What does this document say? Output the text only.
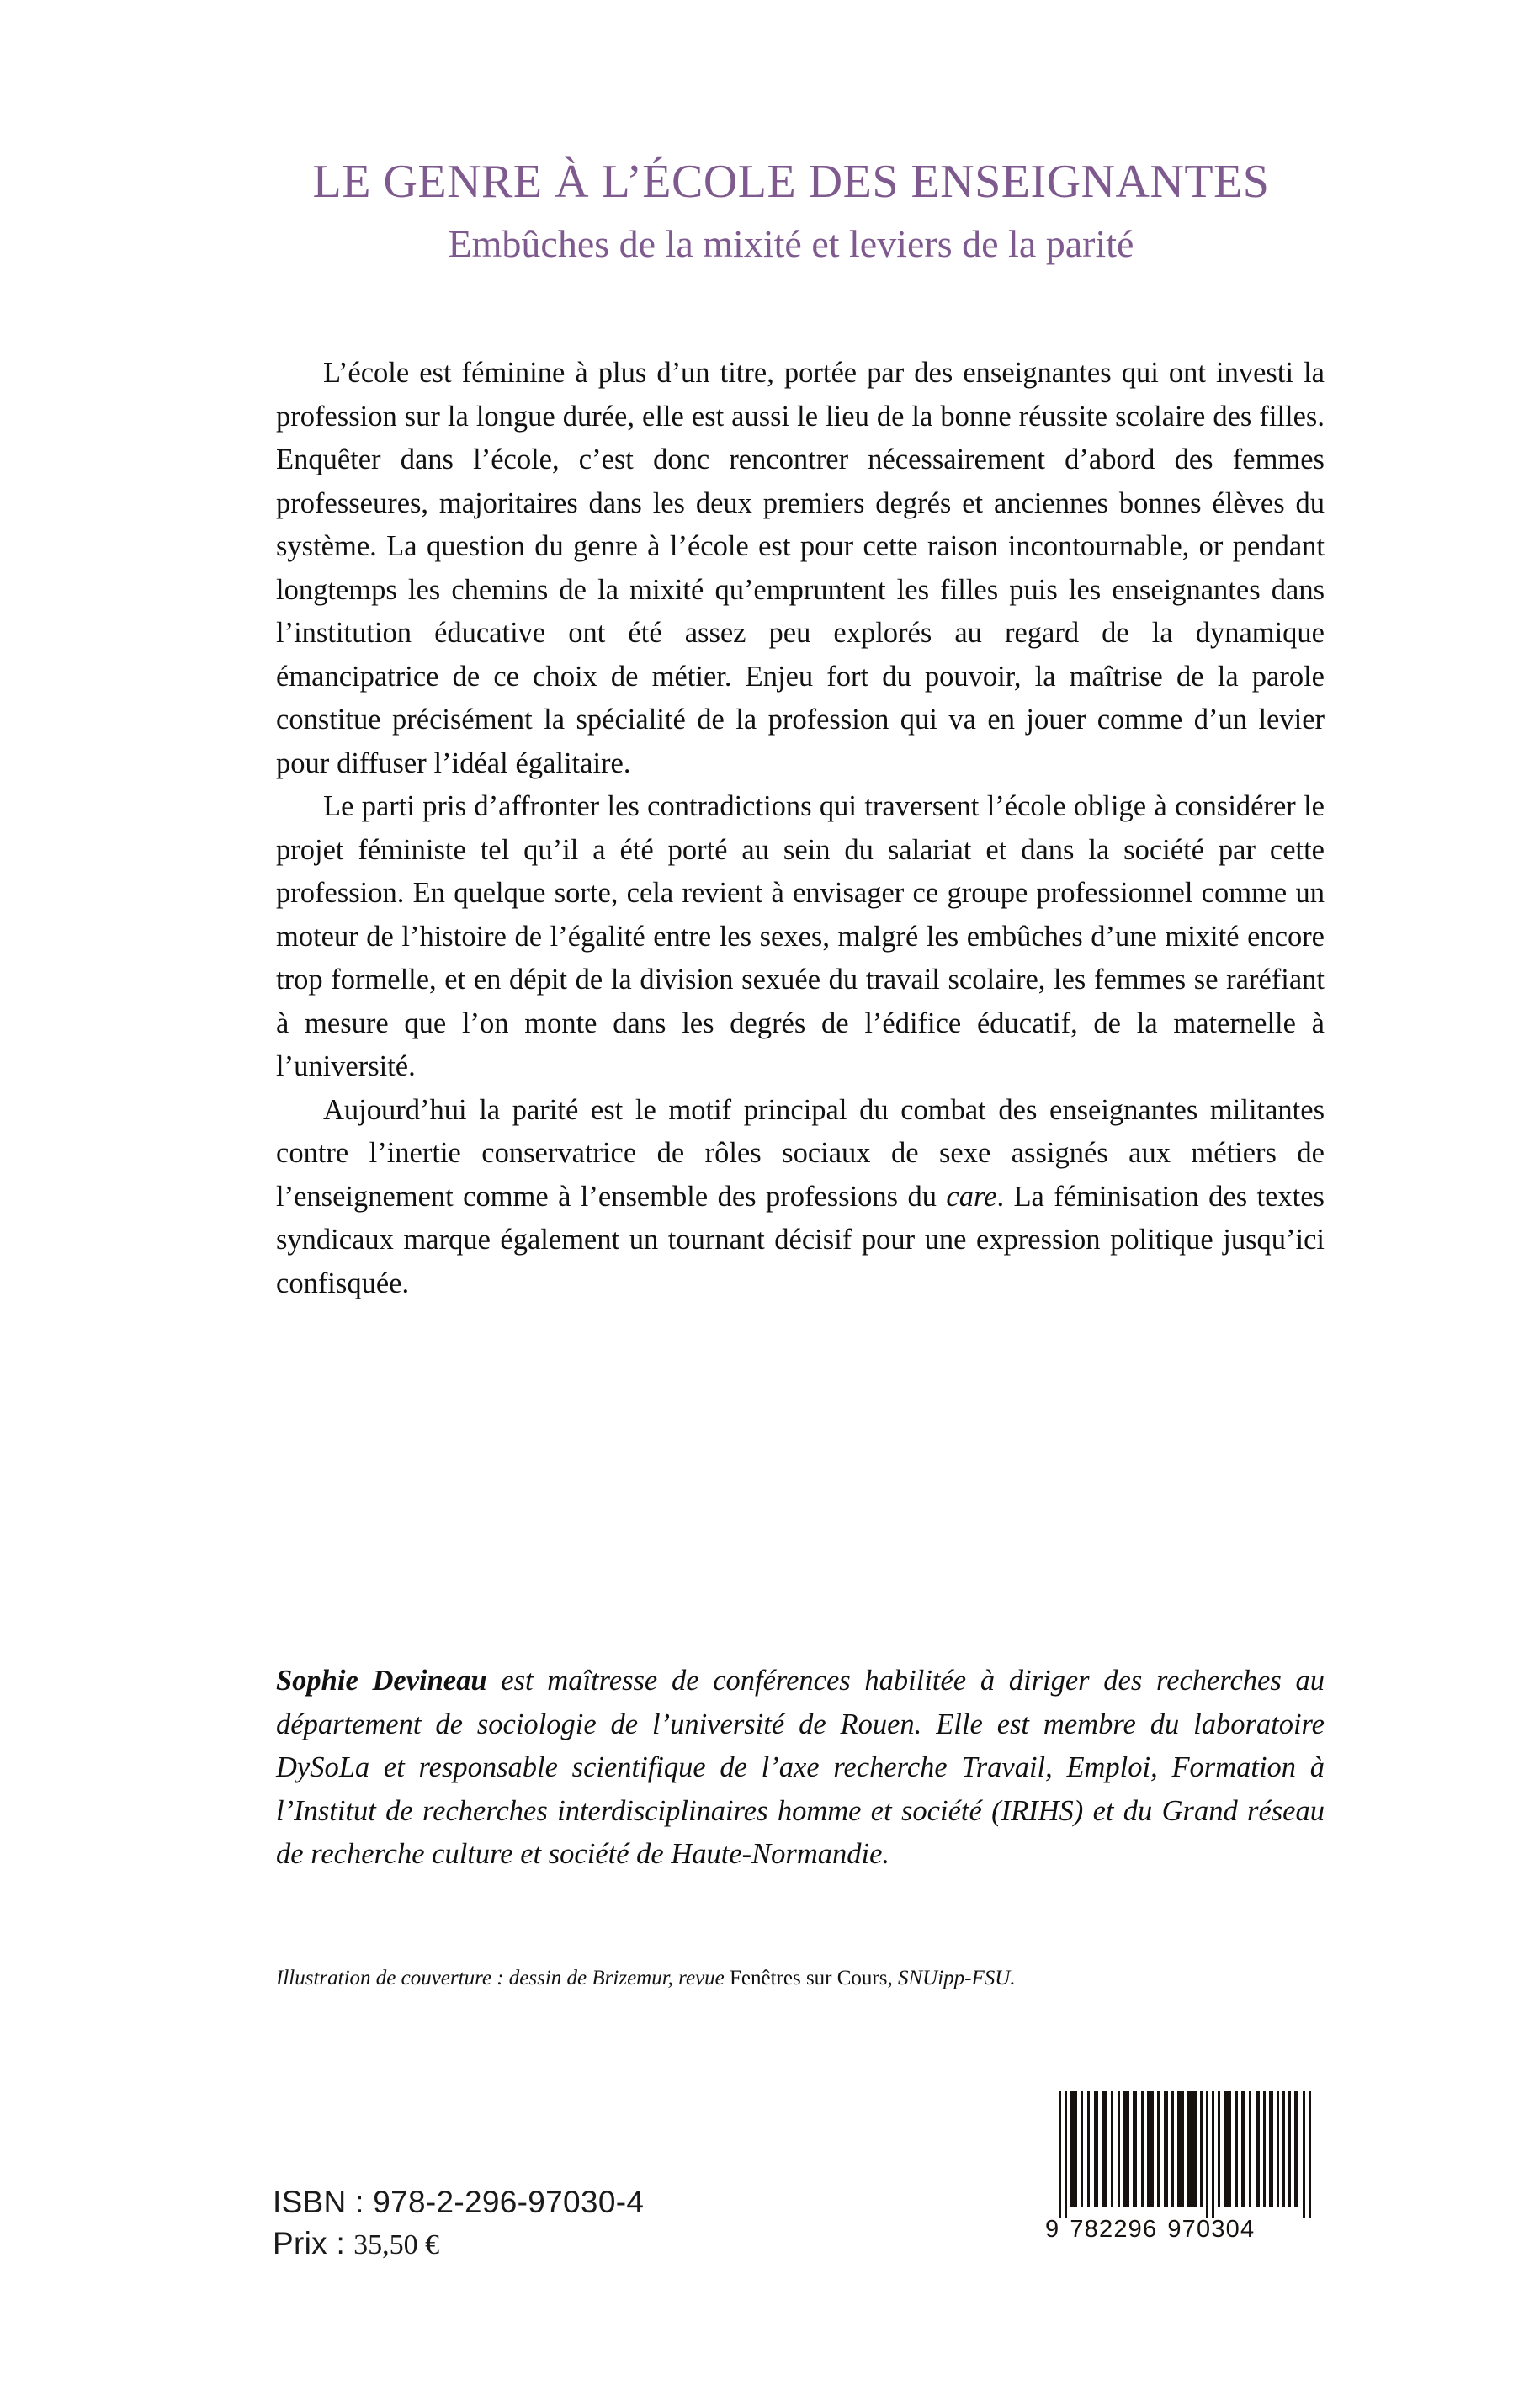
LE GENRE À L’ÉCOLE DES ENSEIGNANTES
Embûches de la mixité et leviers de la parité

L’école est féminine à plus d’un titre, portée par des enseignantes qui ont investi la profession sur la longue durée, elle est aussi le lieu de la bonne réussite scolaire des filles. Enquêter dans l’école, c’est donc rencontrer nécessairement d’abord des femmes professeures, majoritaires dans les deux premiers degrés et anciennes bonnes élèves du système. La question du genre à l’école est pour cette raison incontournable, or pendant longtemps les chemins de la mixité qu’empruntent les filles puis les enseignantes dans l’institution éducative ont été assez peu explorés au regard de la dynamique émancipatrice de ce choix de métier. Enjeu fort du pouvoir, la maîtrise de la parole constitue précisément la spécialité de la profession qui va en jouer comme d’un levier pour diffuser l’idéal égalitaire.

Le parti pris d’affronter les contradictions qui traversent l’école oblige à considérer le projet féministe tel qu’il a été porté au sein du salariat et dans la société par cette profession. En quelque sorte, cela revient à envisager ce groupe professionnel comme un moteur de l’histoire de l’égalité entre les sexes, malgré les embûches d’une mixité encore trop formelle, et en dépit de la division sexuée du travail scolaire, les femmes se raréfiant à mesure que l’on monte dans les degrés de l’édifice éducatif, de la maternelle à l’université.

Aujourd’hui la parité est le motif principal du combat des enseignantes militantes contre l’inertie conservatrice de rôles sociaux de sexe assignés aux métiers de l’enseignement comme à l’ensemble des professions du care. La féminisation des textes syndicaux marque également un tournant décisif pour une expression politique jusqu’ici confisquée.

Sophie Devineau est maîtresse de conférences habilitée à diriger des recherches au département de sociologie de l’université de Rouen. Elle est membre du laboratoire DySoLa et responsable scientifique de l’axe recherche Travail, Emploi, Formation à l’Institut de recherches interdisciplinaires homme et société (IRIHS) et du Grand réseau de recherche culture et société de Haute-Normandie.
Illustration de couverture : dessin de Brizemur, revue Fenêtres sur Cours, SNUipp-FSU.
ISBN : 978-2-296-97030-4
Prix : 35,50 €	9 782296 970304
